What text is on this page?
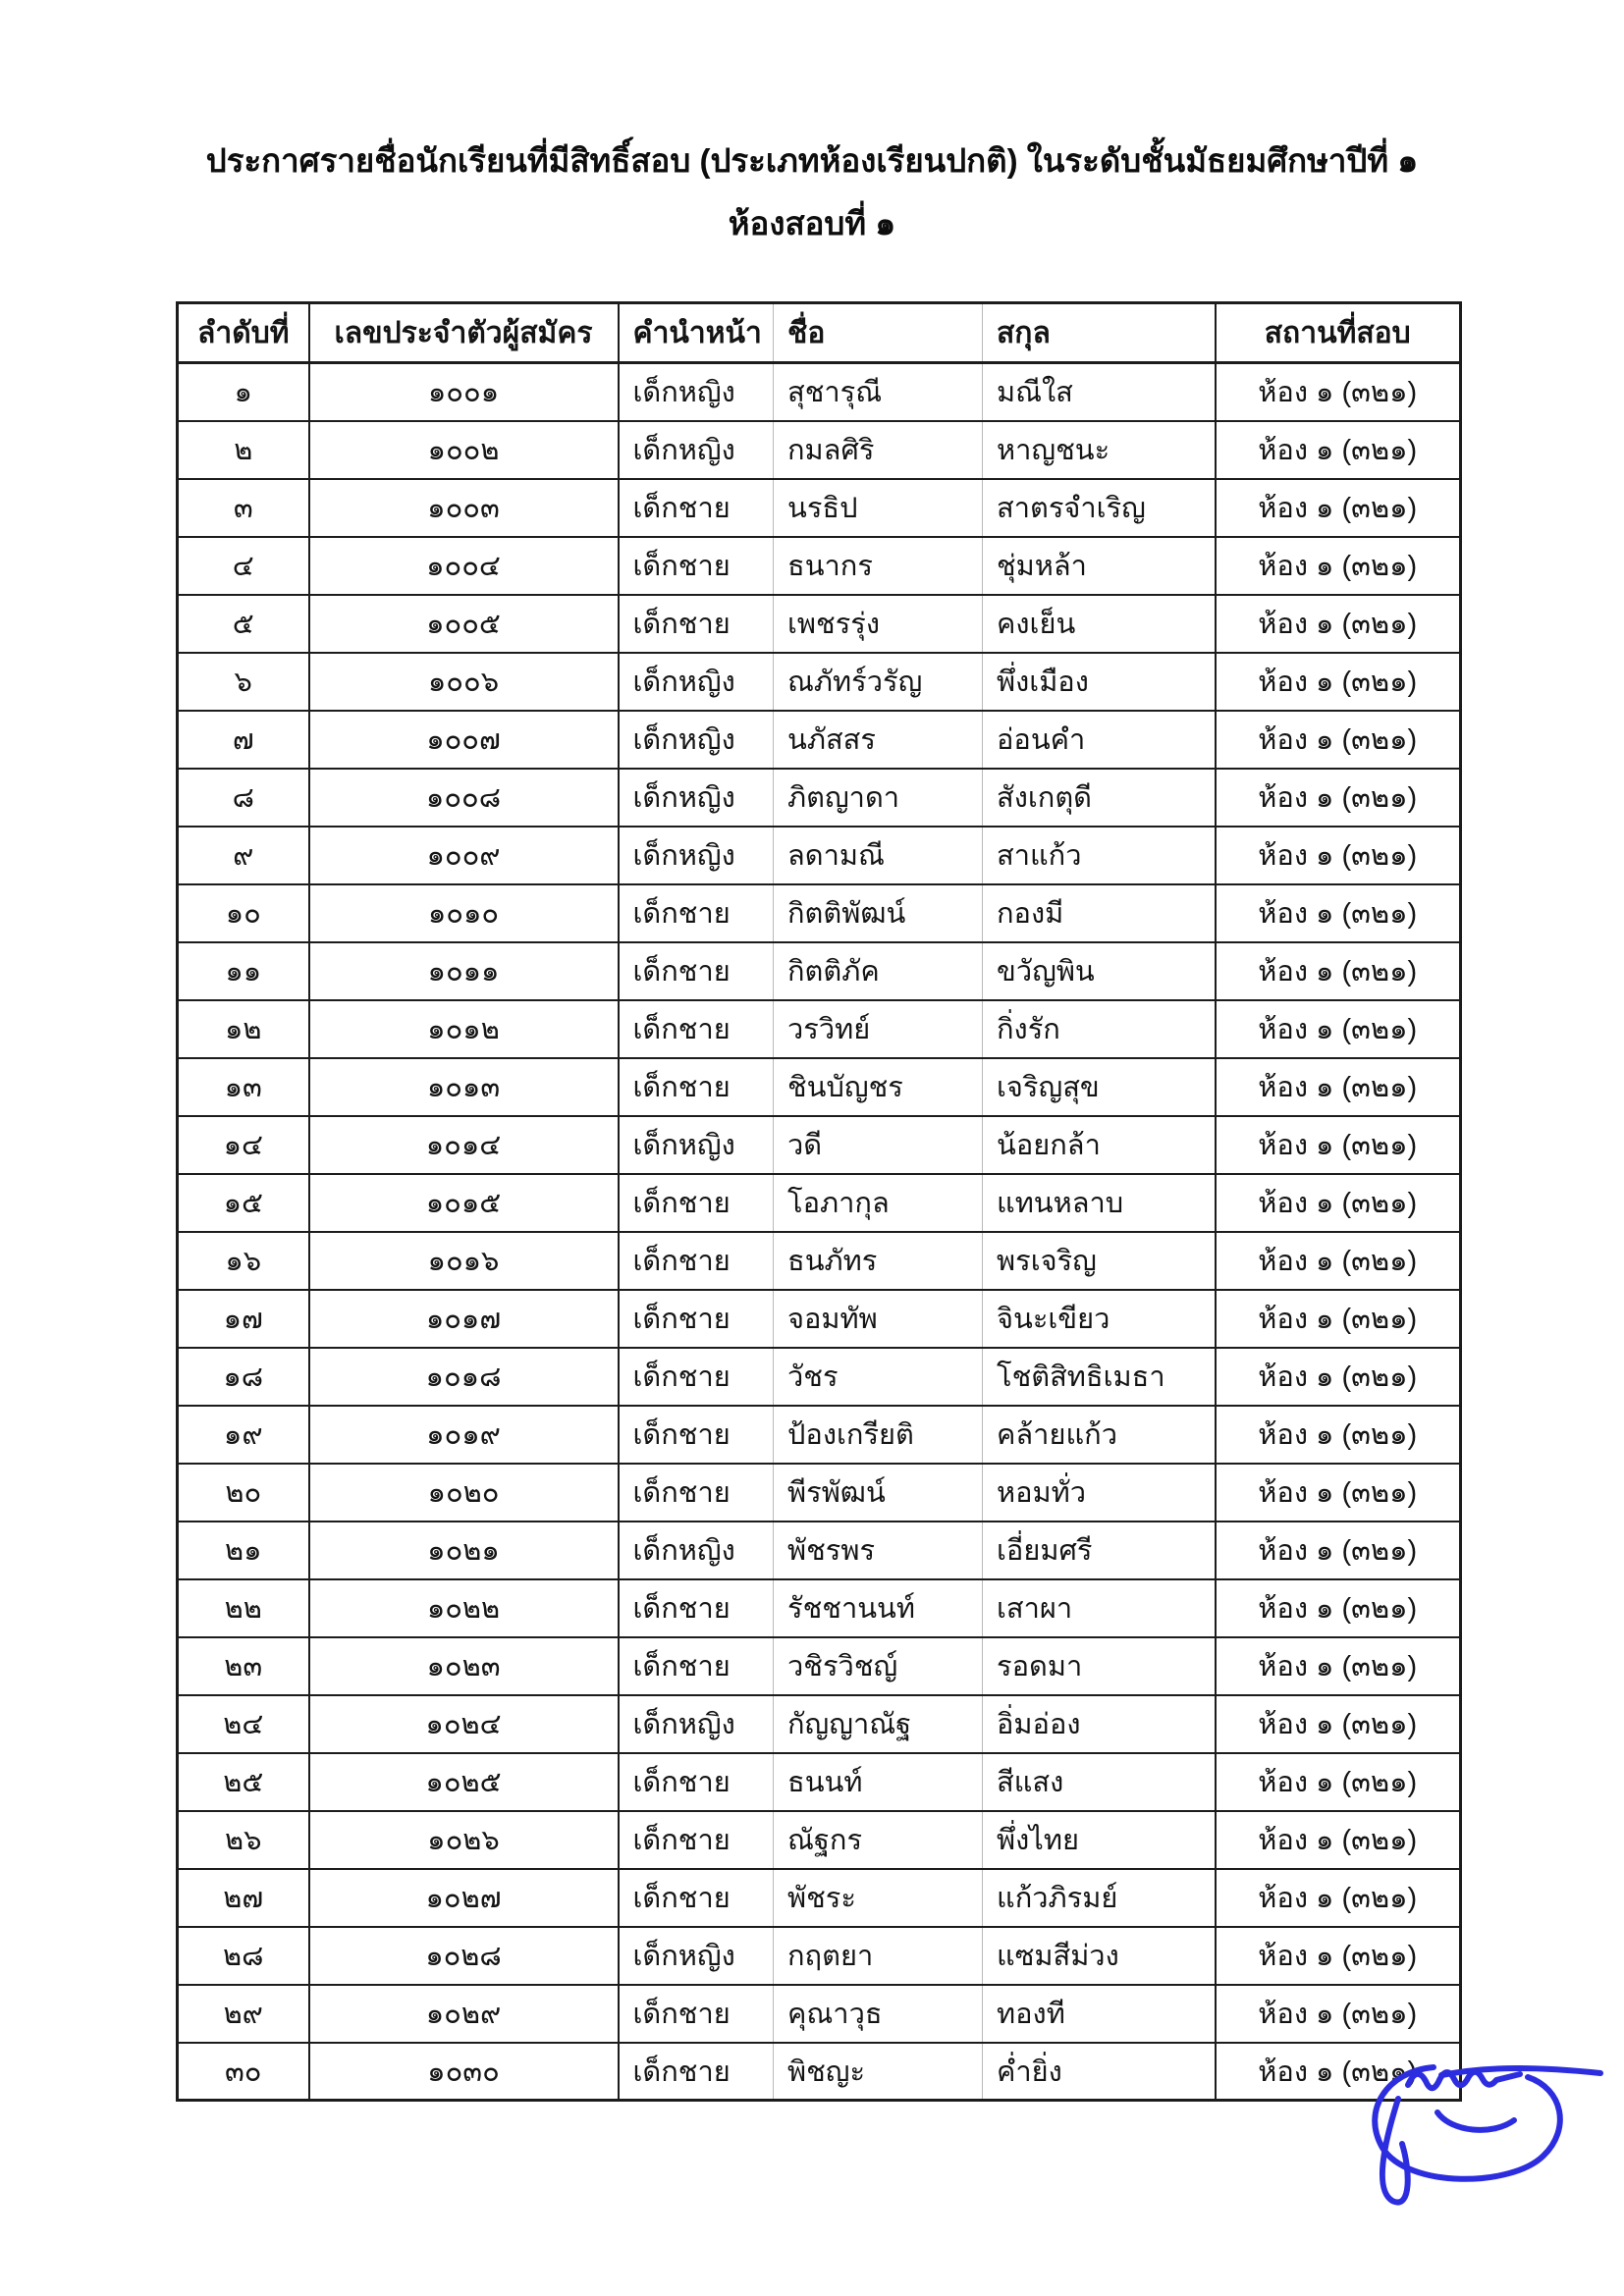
ประกาศรายชื่อนักเรียนที่มีสิทธิ์สอบ (ประเภทห้องเรียนปกติ) ในระดับชั้นมัธยมศึกษาปีที่ ๑
ห้องสอบที่ ๑
ลำดับที่	เลขประจำตัวผู้สมัคร	คำนำหน้า	ชื่อ	สกุล	สถานที่สอบ
๑	๑๐๐๑	เด็กหญิง	สุชารุณี	มณีใส	ห้อง ๑ (๓๒๑)
๒	๑๐๐๒	เด็กหญิง	กมลศิริ	หาญชนะ	ห้อง ๑ (๓๒๑)
๓	๑๐๐๓	เด็กชาย	นรธิป	สาตรจำเริญ	ห้อง ๑ (๓๒๑)
๔	๑๐๐๔	เด็กชาย	ธนากร	ชุ่มหล้า	ห้อง ๑ (๓๒๑)
๕	๑๐๐๕	เด็กชาย	เพชรรุ่ง	คงเย็น	ห้อง ๑ (๓๒๑)
๖	๑๐๐๖	เด็กหญิง	ณภัทร์วรัญ	พึ่งเมือง	ห้อง ๑ (๓๒๑)
๗	๑๐๐๗	เด็กหญิง	นภัสสร	อ่อนคำ	ห้อง ๑ (๓๒๑)
๘	๑๐๐๘	เด็กหญิง	ภิตญาดา	สังเกตุดี	ห้อง ๑ (๓๒๑)
๙	๑๐๐๙	เด็กหญิง	ลดามณี	สาแก้ว	ห้อง ๑ (๓๒๑)
๑๐	๑๐๑๐	เด็กชาย	กิตติพัฒน์	กองมี	ห้อง ๑ (๓๒๑)
๑๑	๑๐๑๑	เด็กชาย	กิตติภัค	ขวัญพิน	ห้อง ๑ (๓๒๑)
๑๒	๑๐๑๒	เด็กชาย	วรวิทย์	กิ่งรัก	ห้อง ๑ (๓๒๑)
๑๓	๑๐๑๓	เด็กชาย	ชินบัญชร	เจริญสุข	ห้อง ๑ (๓๒๑)
๑๔	๑๐๑๔	เด็กหญิง	วดี	น้อยกล้า	ห้อง ๑ (๓๒๑)
๑๕	๑๐๑๕	เด็กชาย	โอภากุล	แทนหลาบ	ห้อง ๑ (๓๒๑)
๑๖	๑๐๑๖	เด็กชาย	ธนภัทร	พรเจริญ	ห้อง ๑ (๓๒๑)
๑๗	๑๐๑๗	เด็กชาย	จอมทัพ	จินะเขียว	ห้อง ๑ (๓๒๑)
๑๘	๑๐๑๘	เด็กชาย	วัชร	โชติสิทธิเมธา	ห้อง ๑ (๓๒๑)
๑๙	๑๐๑๙	เด็กชาย	ป้องเกรียติ	คล้ายแก้ว	ห้อง ๑ (๓๒๑)
๒๐	๑๐๒๐	เด็กชาย	พีรพัฒน์	หอมทั่ว	ห้อง ๑ (๓๒๑)
๒๑	๑๐๒๑	เด็กหญิง	พัชรพร	เอี่ยมศรี	ห้อง ๑ (๓๒๑)
๒๒	๑๐๒๒	เด็กชาย	รัชชานนท์	เสาผา	ห้อง ๑ (๓๒๑)
๒๓	๑๐๒๓	เด็กชาย	วชิรวิชญ์	รอดมา	ห้อง ๑ (๓๒๑)
๒๔	๑๐๒๔	เด็กหญิง	กัญญาณัฐ	อิ่มอ่อง	ห้อง ๑ (๓๒๑)
๒๕	๑๐๒๕	เด็กชาย	ธนนท์	สีแสง	ห้อง ๑ (๓๒๑)
๒๖	๑๐๒๖	เด็กชาย	ณัฐกร	พึ่งไทย	ห้อง ๑ (๓๒๑)
๒๗	๑๐๒๗	เด็กชาย	พัชระ	แก้วภิรมย์	ห้อง ๑ (๓๒๑)
๒๘	๑๐๒๘	เด็กหญิง	กฤตยา	แซมสีม่วง	ห้อง ๑ (๓๒๑)
๒๙	๑๐๒๙	เด็กชาย	คุณาวุธ	ทองที	ห้อง ๑ (๓๒๑)
๓๐	๑๐๓๐	เด็กชาย	พิชญะ	ค่ำยิ่ง	ห้อง ๑ (๓๒๑)
